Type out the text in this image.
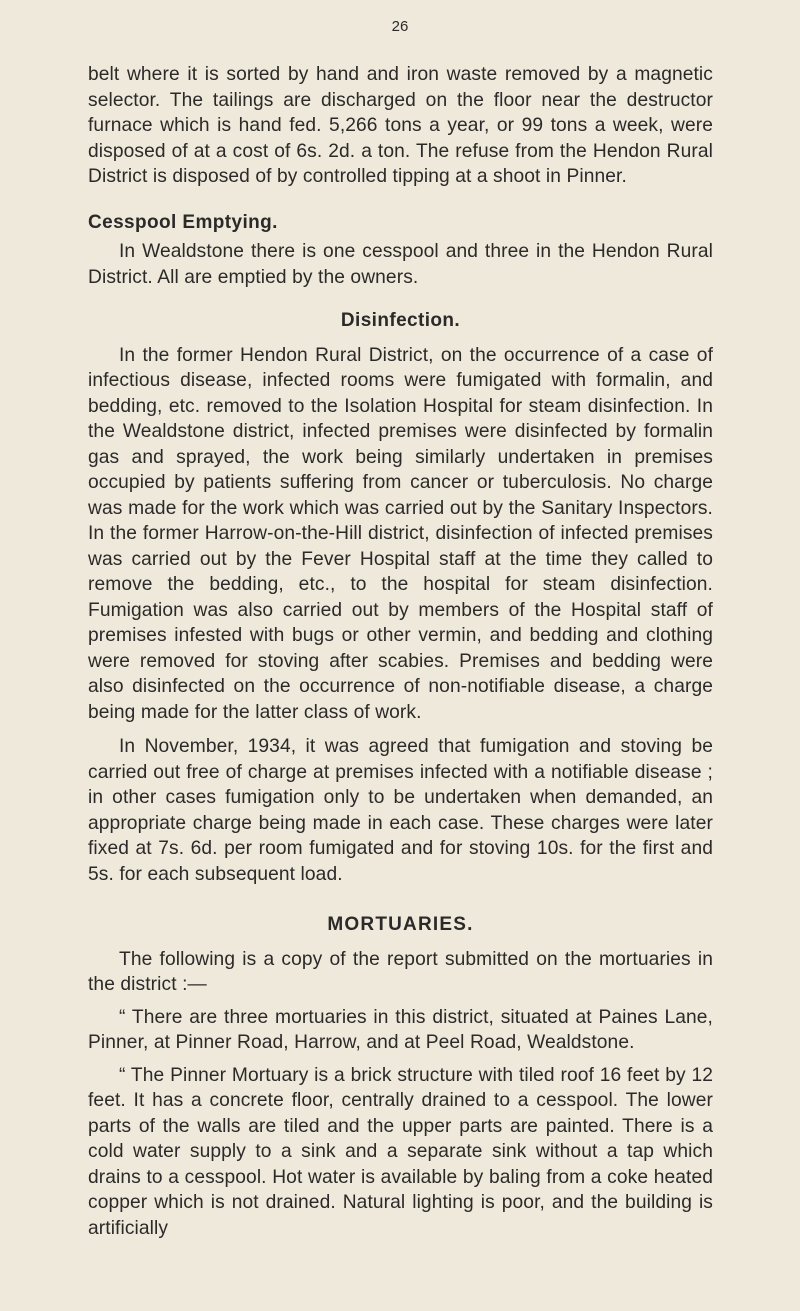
26

belt where it is sorted by hand and iron waste removed by a magnetic selector. The tailings are discharged on the floor near the destructor furnace which is hand fed. 5,266 tons a year, or 99 tons a week, were disposed of at a cost of 6s. 2d. a ton. The refuse from the Hendon Rural District is disposed of by controlled tipping at a shoot in Pinner.

Cesspool Emptying.

In Wealdstone there is one cesspool and three in the Hendon Rural District. All are emptied by the owners.

Disinfection.

In the former Hendon Rural District, on the occurrence of a case of infectious disease, infected rooms were fumigated with formalin, and bedding, etc. removed to the Isolation Hospital for steam disinfection. In the Wealdstone district, infected premises were disinfected by formalin gas and sprayed, the work being similarly undertaken in premises occupied by patients suffering from cancer or tuberculosis. No charge was made for the work which was carried out by the Sanitary Inspectors. In the former Harrow-on-the-Hill district, disinfection of infected premises was carried out by the Fever Hospital staff at the time they called to remove the bedding, etc., to the hospital for steam disinfection. Fumigation was also carried out by members of the Hospital staff of premises infested with bugs or other vermin, and bedding and clothing were removed for stoving after scabies. Premises and bedding were also disinfected on the occurrence of non-notifiable disease, a charge being made for the latter class of work.

In November, 1934, it was agreed that fumigation and stoving be carried out free of charge at premises infected with a notifiable disease ; in other cases fumigation only to be undertaken when demanded, an appropriate charge being made in each case. These charges were later fixed at 7s. 6d. per room fumigated and for stoving 10s. for the first and 5s. for each subsequent load.

MORTUARIES.

The following is a copy of the report submitted on the mortuaries in the district :—

“ There are three mortuaries in this district, situated at Paines Lane, Pinner, at Pinner Road, Harrow, and at Peel Road, Wealdstone.

“ The Pinner Mortuary is a brick structure with tiled roof 16 feet by 12 feet. It has a concrete floor, centrally drained to a cesspool. The lower parts of the walls are tiled and the upper parts are painted. There is a cold water supply to a sink and a separate sink without a tap which drains to a cesspool. Hot water is available by baling from a coke heated copper which is not drained. Natural lighting is poor, and the building is artificially
